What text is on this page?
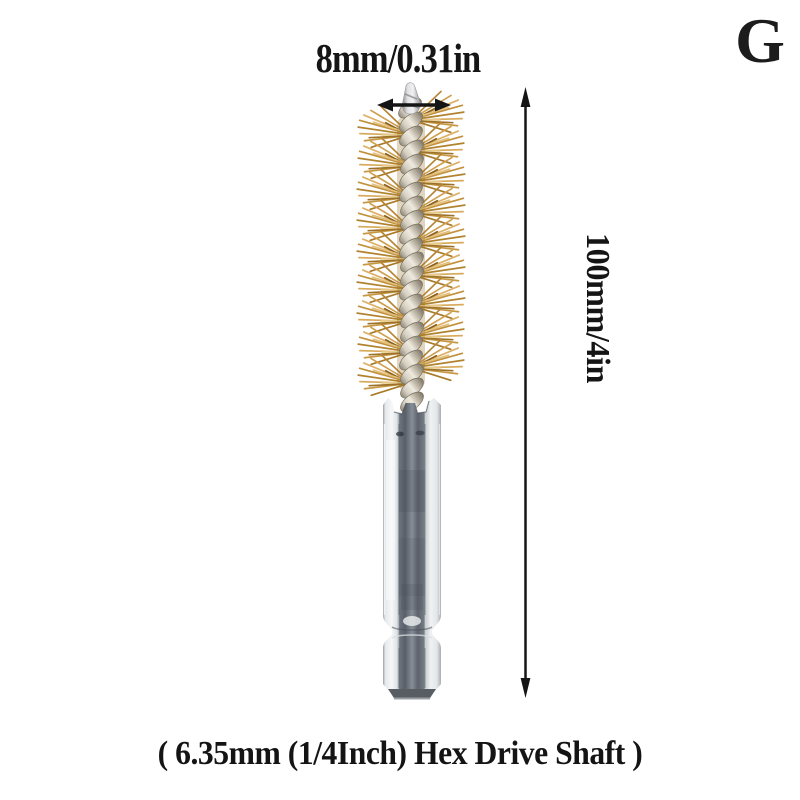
8mm/0.31in	G
100mm/4in
( 6.35mm (1/4Inch) Hex Drive Shaft )
